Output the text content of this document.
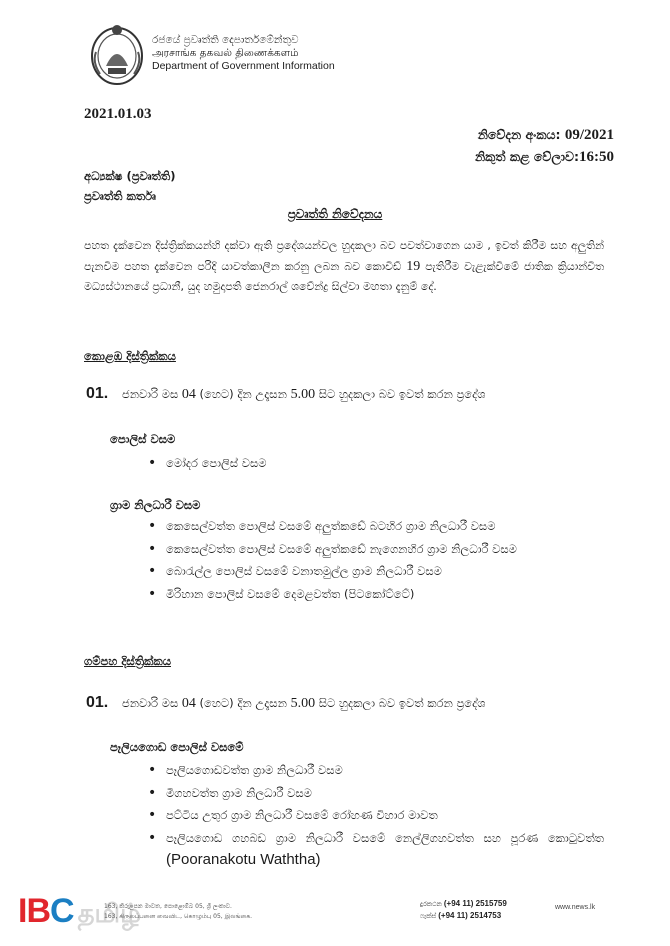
රජයේ ප්‍රවෘත්ති දෙපාර්තමේන්තුව
அரசாங்க தகவல் திணைக்களம்
Department of Government Information
2021.01.03
නිවේදන අංකය: 09/2021
නිකුත් කළ වේලාව:16:50
අධ්‍යක්ෂ (ප්‍රවෘත්ති)
ප්‍රවෘත්ති කර්තෘ
ප්‍රවෘත්ති නිවේදනය
පහත දැක්වෙන දිස්ත්‍රික්කයන්හි දක්වා ඇති ප්‍රදේශයන්වල හුදකලා බව පවත්වාගෙන යාම , ඉවත් කිරීම සහ අලුතින් පැනවීම පහත දැක්වෙන පරිදි යාවත්කාලීන කරනු ලබන බව කොවිඩ් 19 පැතිරීම වැළැක්වීමේ ජාතික ක්‍රියාන්විත මධ්‍යස්ථානයේ ප්‍රධානී, යුද හමුදාපති ජෙනරාල් ශවේන්ද්‍ර සිල්වා මහතා දැනුම් දේ.
කොළඹ දිස්ත්‍රික්කය
01. ජනවාරි මස 04 (හෙට) දින උදෑසන 5.00 සිට හුදකලා බව ඉවත් කරන ප්‍රදේශ
පොලිස් වසම
• මෝදර පොලිස් වසම
ග්‍රාම නිලධාරී වසම
• කෙසෙල්වත්ත පොලිස් වසමේ අලුත්කඩේ බටහිර ග්‍රාම නිලධාරී වසම
• කෙසෙල්වත්ත පොලිස් වසමේ අලුත්කඩේ නැගෙනහිර ග්‍රාම නිලධාරී වසම
• බොරැල්ල පොලිස් වසමේ වනාතමුල්ල ග්‍රාම නිලධාරී වසම
• මිරිහාන පොලිස් වසමේ දෙමළවත්ත (පිටකෝට්ටේ)
ගම්පහ දිස්ත්‍රික්කය
01. ජනවාරි මස 04 (හෙට) දින උදෑසන 5.00 සිට හුදකලා බව ඉවත් කරන ප්‍රදේශ
පෑලියගොඩ පොලිස් වසමේ
• පෑලියගොඩවත්ත ග්‍රාම නිලධාරී වසම
• මීගහවත්ත ග්‍රාම නිලධාරී වසම
• පට්ටිය උතුර ග්‍රාම නිලධාරී වසමේ රෝහණ විහාර මාවත
• පෑලියගොඩ ගහබඩ ග්‍රාම නිලධාරී වසමේ නෙල්ලිගහවත්ත සහ පූරණ කොටුවත්ත (Pooranakotu Waththa)
IBC தமிழ்
163, කිරුළපන මාවත, පොළොම්බ 05, ශ්‍රී ලංකාව.
163, கிருலப்பனை வைவிட, கொழும்பு 05, இலங்கை.
දුරකථන (+94 11) 2515759
ෆැක්ස් (+94 11) 2514753
www.news.lk
